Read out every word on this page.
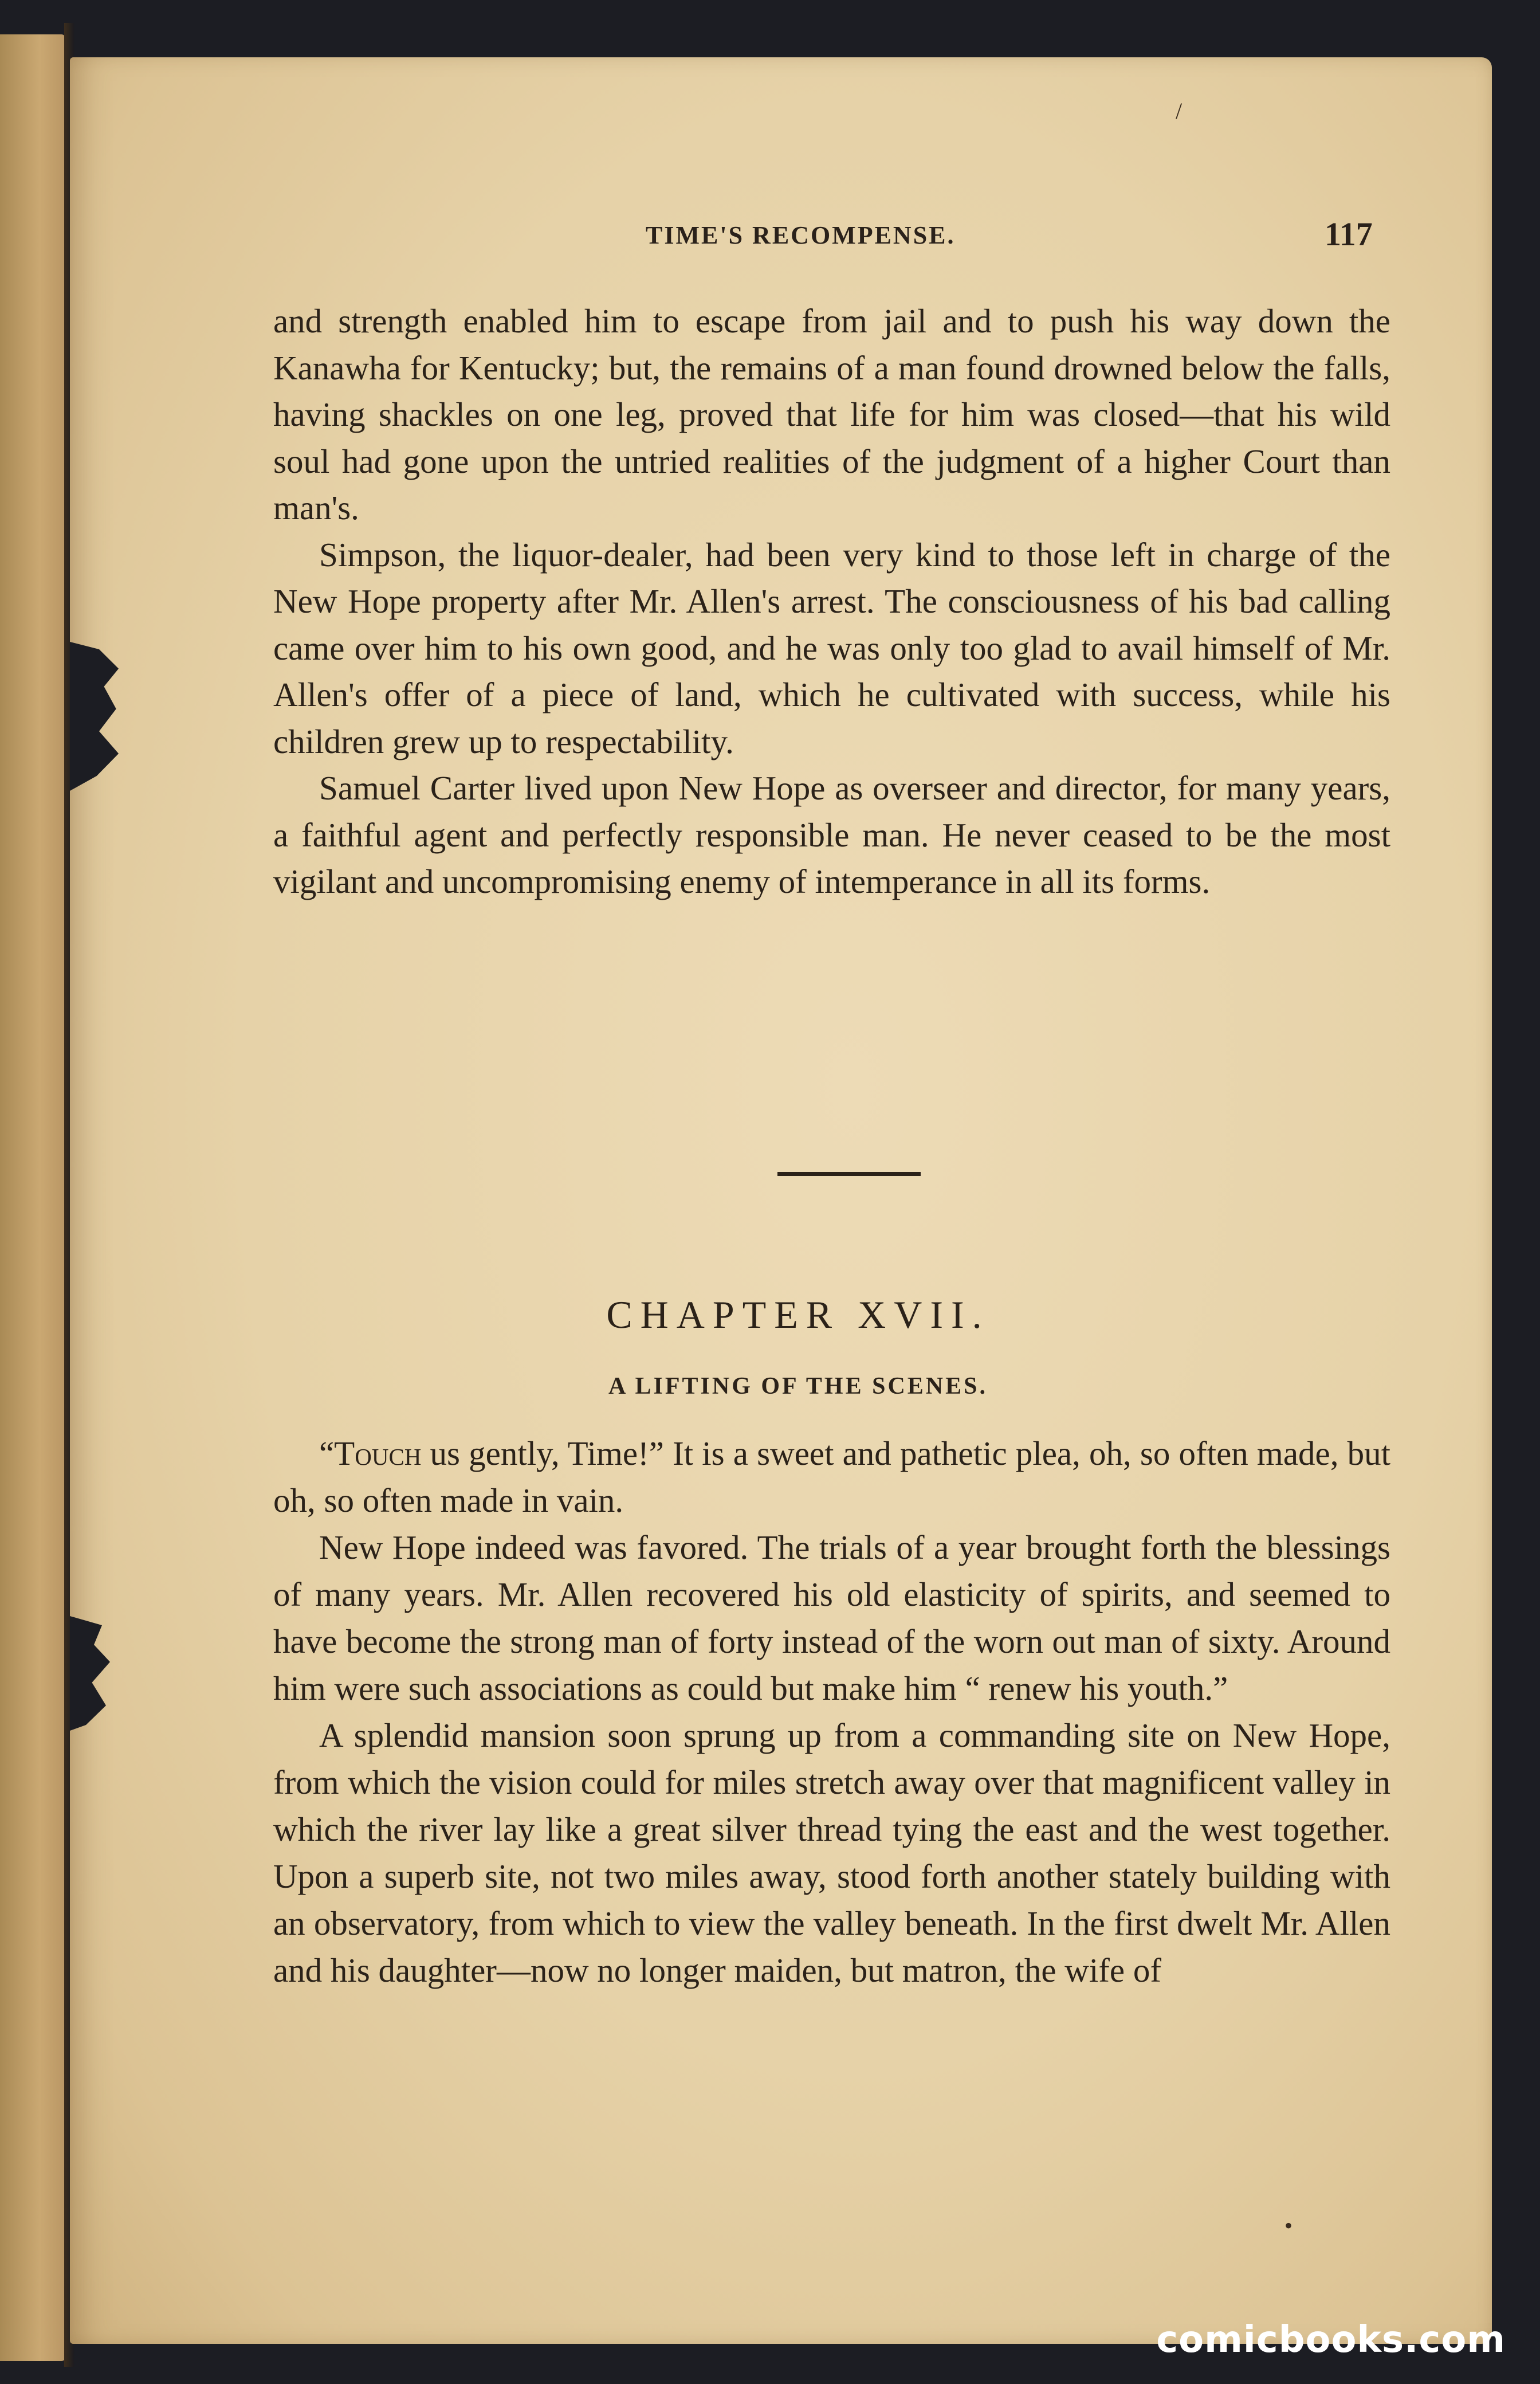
TIME'S RECOMPENSE.	117

and strength enabled him to escape from jail and to push his way down the Kanawha for Kentucky; but, the remains of a man found drowned below the falls, having shackles on one leg, proved that life for him was closed—that his wild soul had gone upon the untried realities of the judgment of a higher Court than man's.

Simpson, the liquor-dealer, had been very kind to those left in charge of the New Hope property after Mr. Allen's arrest. The consciousness of his bad calling came over him to his own good, and he was only too glad to avail himself of Mr. Allen's offer of a piece of land, which he cultivated with success, while his children grew up to respectability.

Samuel Carter lived upon New Hope as overseer and director, for many years, a faithful agent and perfectly responsible man. He never ceased to be the most vigilant and uncompromising enemy of intemperance in all its forms.

CHAPTER XVII.
A LIFTING OF THE SCENES.

“Touch us gently, Time!” It is a sweet and pathetic plea, oh, so often made, but oh, so often made in vain.

New Hope indeed was favored. The trials of a year brought forth the blessings of many years. Mr. Allen recovered his old elasticity of spirits, and seemed to have become the strong man of forty instead of the worn out man of sixty. Around him were such associations as could but make him “ renew his youth.”

A splendid mansion soon sprung up from a commanding site on New Hope, from which the vision could for miles stretch away over that magnificent valley in which the river lay like a great silver thread tying the east and the west together. Upon a superb site, not two miles away, stood forth another stately building with an observatory, from which to view the valley beneath. In the first dwelt Mr. Allen and his daughter—now no longer maiden, but matron, the wife of

/
•
comicbooks.com
